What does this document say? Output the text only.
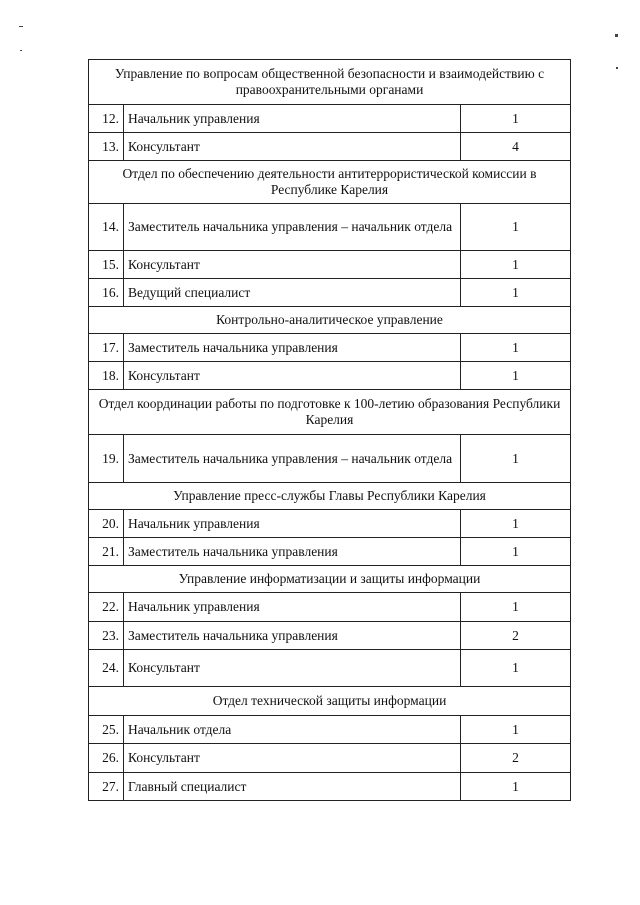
Управление по вопросам общественной безопасности и взаимодействию с правоохранительными органами		
12.	Начальник управления	1
13.	Консультант	4
Отдел по обеспечению деятельности антитеррористической комиссии в Республике Карелия		
14.	Заместитель начальника управления – начальник отдела	1
15.	Консультант	1
16.	Ведущий специалист	1
Контрольно-аналитическое управление		
17.	Заместитель начальника управления	1
18.	Консультант	1
Отдел координации работы по подготовке к 100-летию образования Республики Карелия		
19.	Заместитель начальника управления – начальник отдела	1
Управление пресс-службы Главы Республики Карелия		
20.	Начальник управления	1
21.	Заместитель начальника управления	1
Управление информатизации и защиты информации		
22.	Начальник управления	1
23.	Заместитель начальника управления	2
24.	Консультант	1
Отдел технической защиты информации		
25.	Начальник отдела	1
26.	Консультант	2
27.	Главный специалист	1
